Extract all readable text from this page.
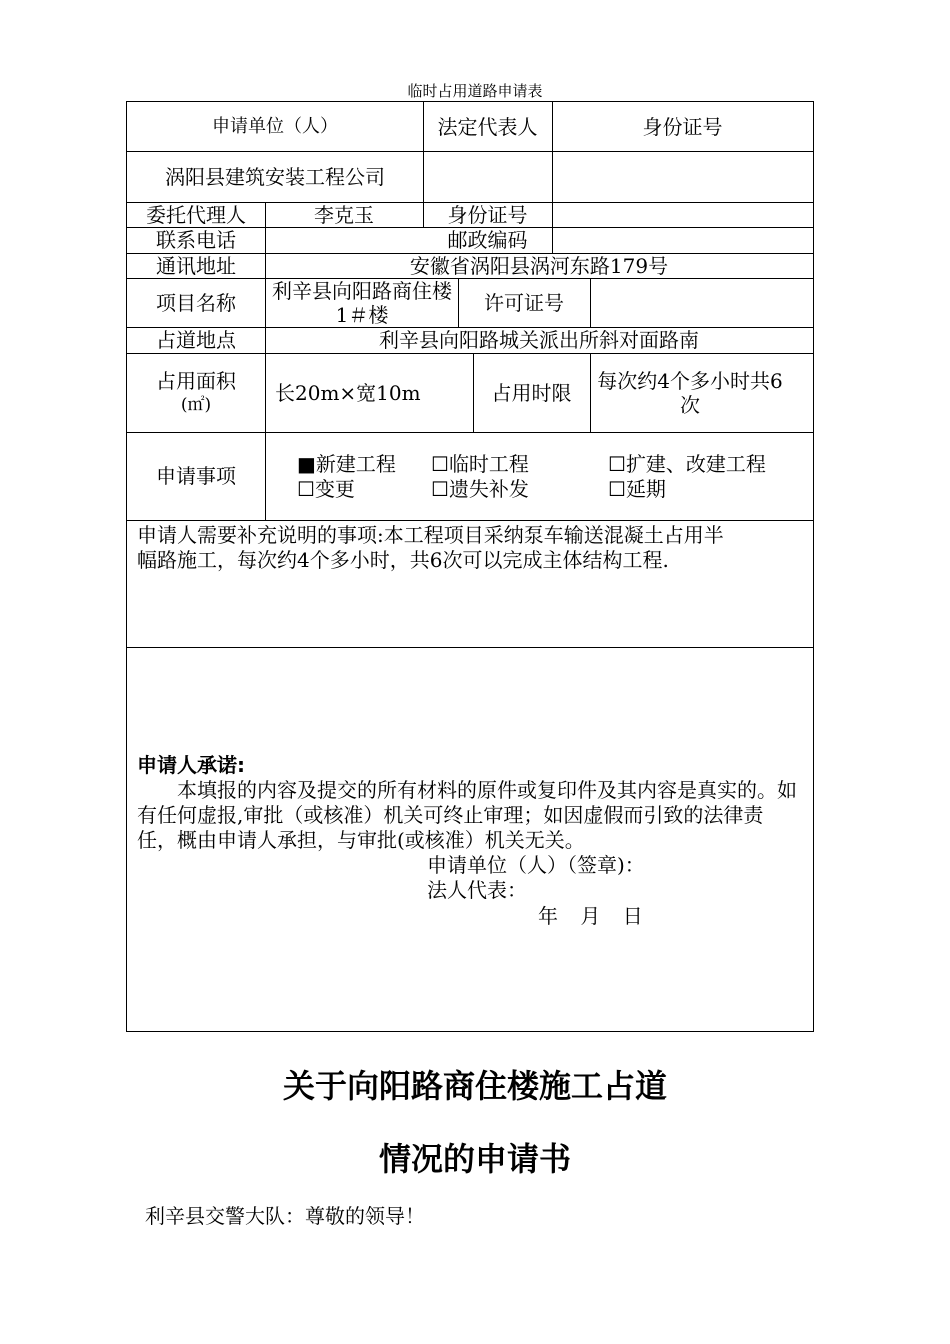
临时占用道路申请表
申请单位（人）	法定代表人	身份证号
涡阳县建筑安装工程公司
委托代理人	李克玉	身份证号
联系电话	邮政编码
通讯地址	安徽省涡阳县涡河东路179号
项目名称	利辛县向阳路商住楼1＃楼	许可证号
占道地点	利辛县向阳路城关派出所斜对面路南
占用面积
(㎡)	长20m×宽10m	占用时限	每次约4个多小时共6次
申请事项	■新建工程 ☐临时工程	☐扩建、改建工程
☐变更	☐遗失补发	☐延期
申请人需要补充说明的事项:本工程项目采纳泵车输送混凝土占用半
幅路施工，每次约4个多小时，共6次可以完成主体结构工程.
申请人承诺:
本填报的内容及提交的所有材料的原件或复印件及其内容是真实的。如
有任何虚报,审批（或核准）机关可终止审理；如因虚假而引致的法律责
任，概由申请人承担，与审批(或核准）机关无关。
申请单位（人）（签章)：
法人代表：
年 月 日
关于向阳路商住楼施工占道
情况的申请书
利辛县交警大队：尊敬的领导！
